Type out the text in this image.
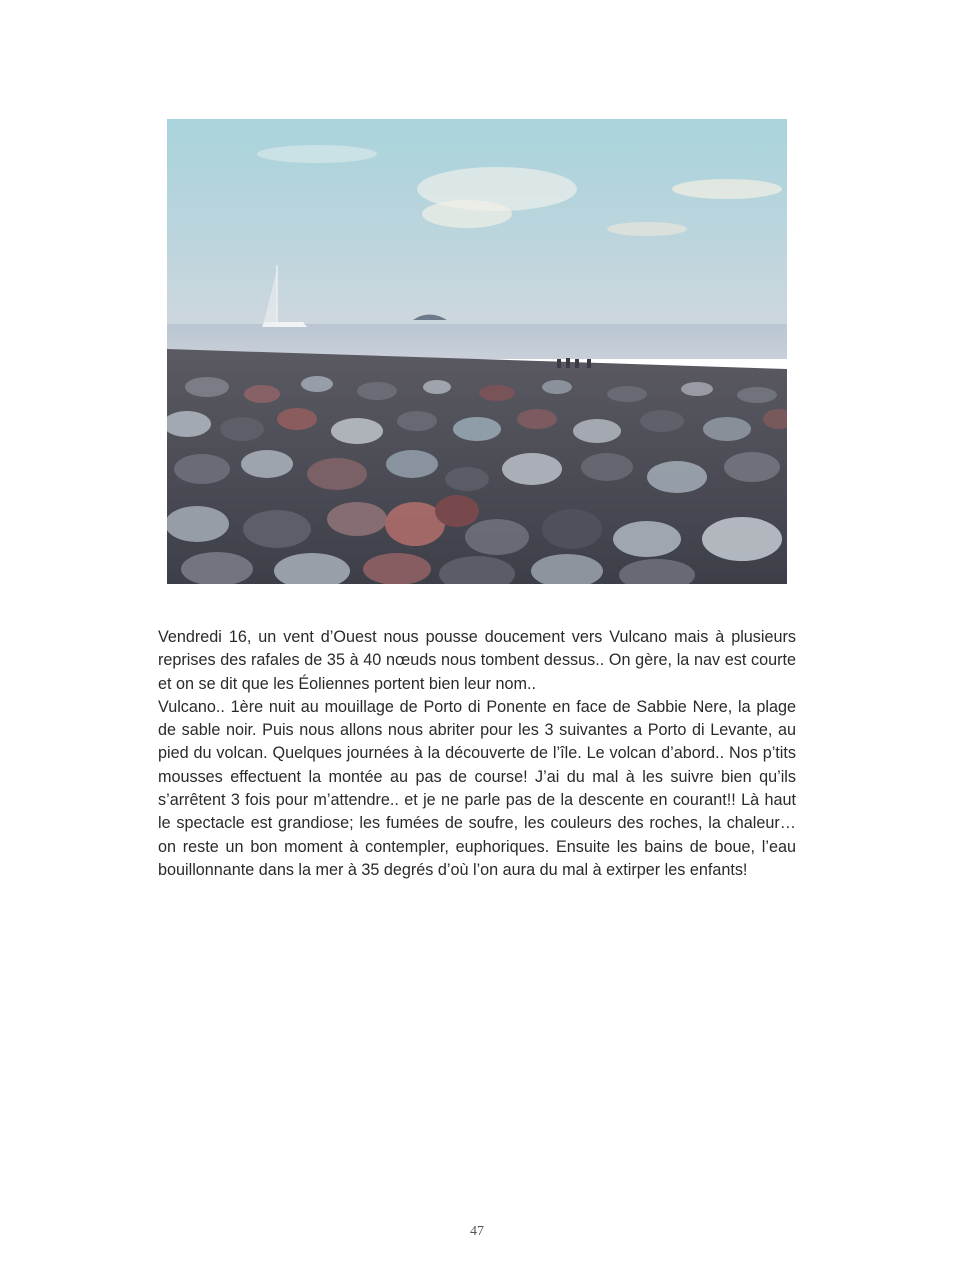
Vendredi 16, un vent d’Ouest nous pousse doucement vers Vulcano mais à plusieurs reprises des rafales de 35 à 40 nœuds nous tombent dessus.. On gère, la nav est courte et on se dit que les Éoliennes portent bien leur nom..

Vulcano.. 1ère nuit au mouillage de Porto di Ponente en face de Sabbie Nere, la plage de sable noir. Puis nous allons nous abriter pour les 3 suivantes a Porto di Levante, au pied du volcan. Quelques journées à la découverte de l’île. Le volcan d’abord.. Nos p’tits mousses effectuent la montée au pas de course! J’ai du mal à les suivre bien qu’ils s’arrêtent 3 fois pour m’attendre.. et je ne parle pas de la descente en courant!! Là haut le spectacle est grandiose; les fumées de soufre, les couleurs des roches, la chaleur… on reste un bon moment à contempler, euphoriques. Ensuite les bains de boue, l’eau bouillonnante dans la mer à 35 degrés d’où l’on aura du mal à extirper les enfants!

47
